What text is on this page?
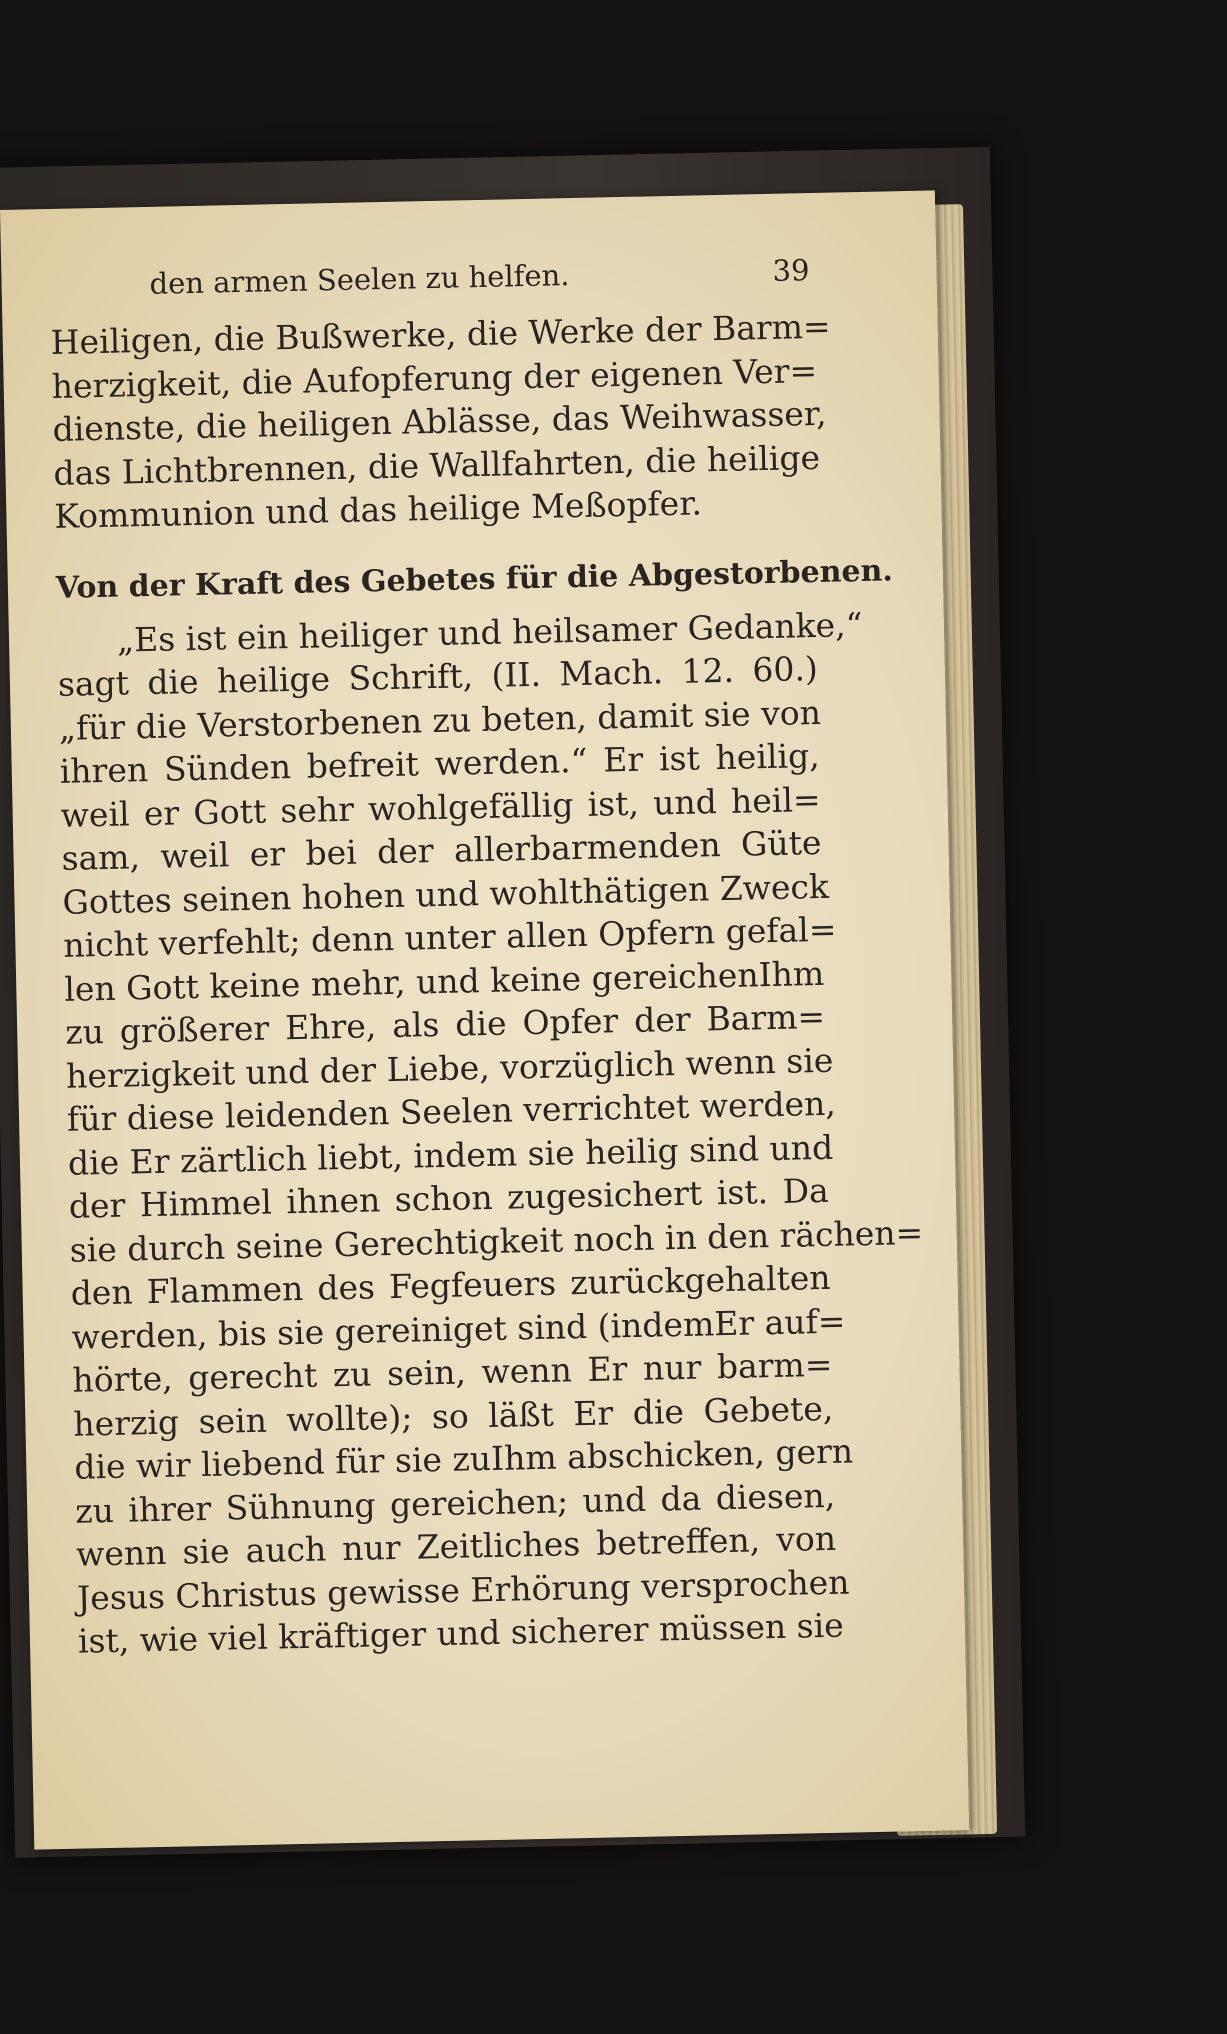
den armen Seelen zu helfen.	39
Heiligen, die Bußwerke, die Werke der Barm=
herzigkeit, die Aufopferung der eigenen Ver=
dienste, die heiligen Ablässe, das Weihwasser,
das Lichtbrennen, die Wallfahrten, die heilige
Kommunion und das heilige Meßopfer.
Von der Kraft des Gebetes für die Abgestorbenen.
„Es ist ein heiliger und heilsamer Gedanke,“
sagt die heilige Schrift, (II. Mach. 12. 60.)
„für die Verstorbenen zu beten, damit sie von
ihren Sünden befreit werden.“ Er ist heilig,
weil er Gott sehr wohlgefällig ist, und heil=
sam, weil er bei der allerbarmenden Güte
Gottes seinen hohen und wohlthätigen Zweck
nicht verfehlt; denn unter allen Opfern gefal=
len Gott keine mehr, und keine gereichenIhm
zu größerer Ehre, als die Opfer der Barm=
herzigkeit und der Liebe, vorzüglich wenn sie
für diese leidenden Seelen verrichtet werden,
die Er zärtlich liebt, indem sie heilig sind und
der Himmel ihnen schon zugesichert ist. Da
sie durch seine Gerechtigkeit noch in den rächen=
den Flammen des Fegfeuers zurückgehalten
werden, bis sie gereiniget sind (indemEr auf=
hörte, gerecht zu sein, wenn Er nur barm=
herzig sein wollte); so läßt Er die Gebete,
die wir liebend für sie zuIhm abschicken, gern
zu ihrer Sühnung gereichen; und da diesen,
wenn sie auch nur Zeitliches betreffen, von
Jesus Christus gewisse Erhörung versprochen
ist, wie viel kräftiger und sicherer müssen sie
